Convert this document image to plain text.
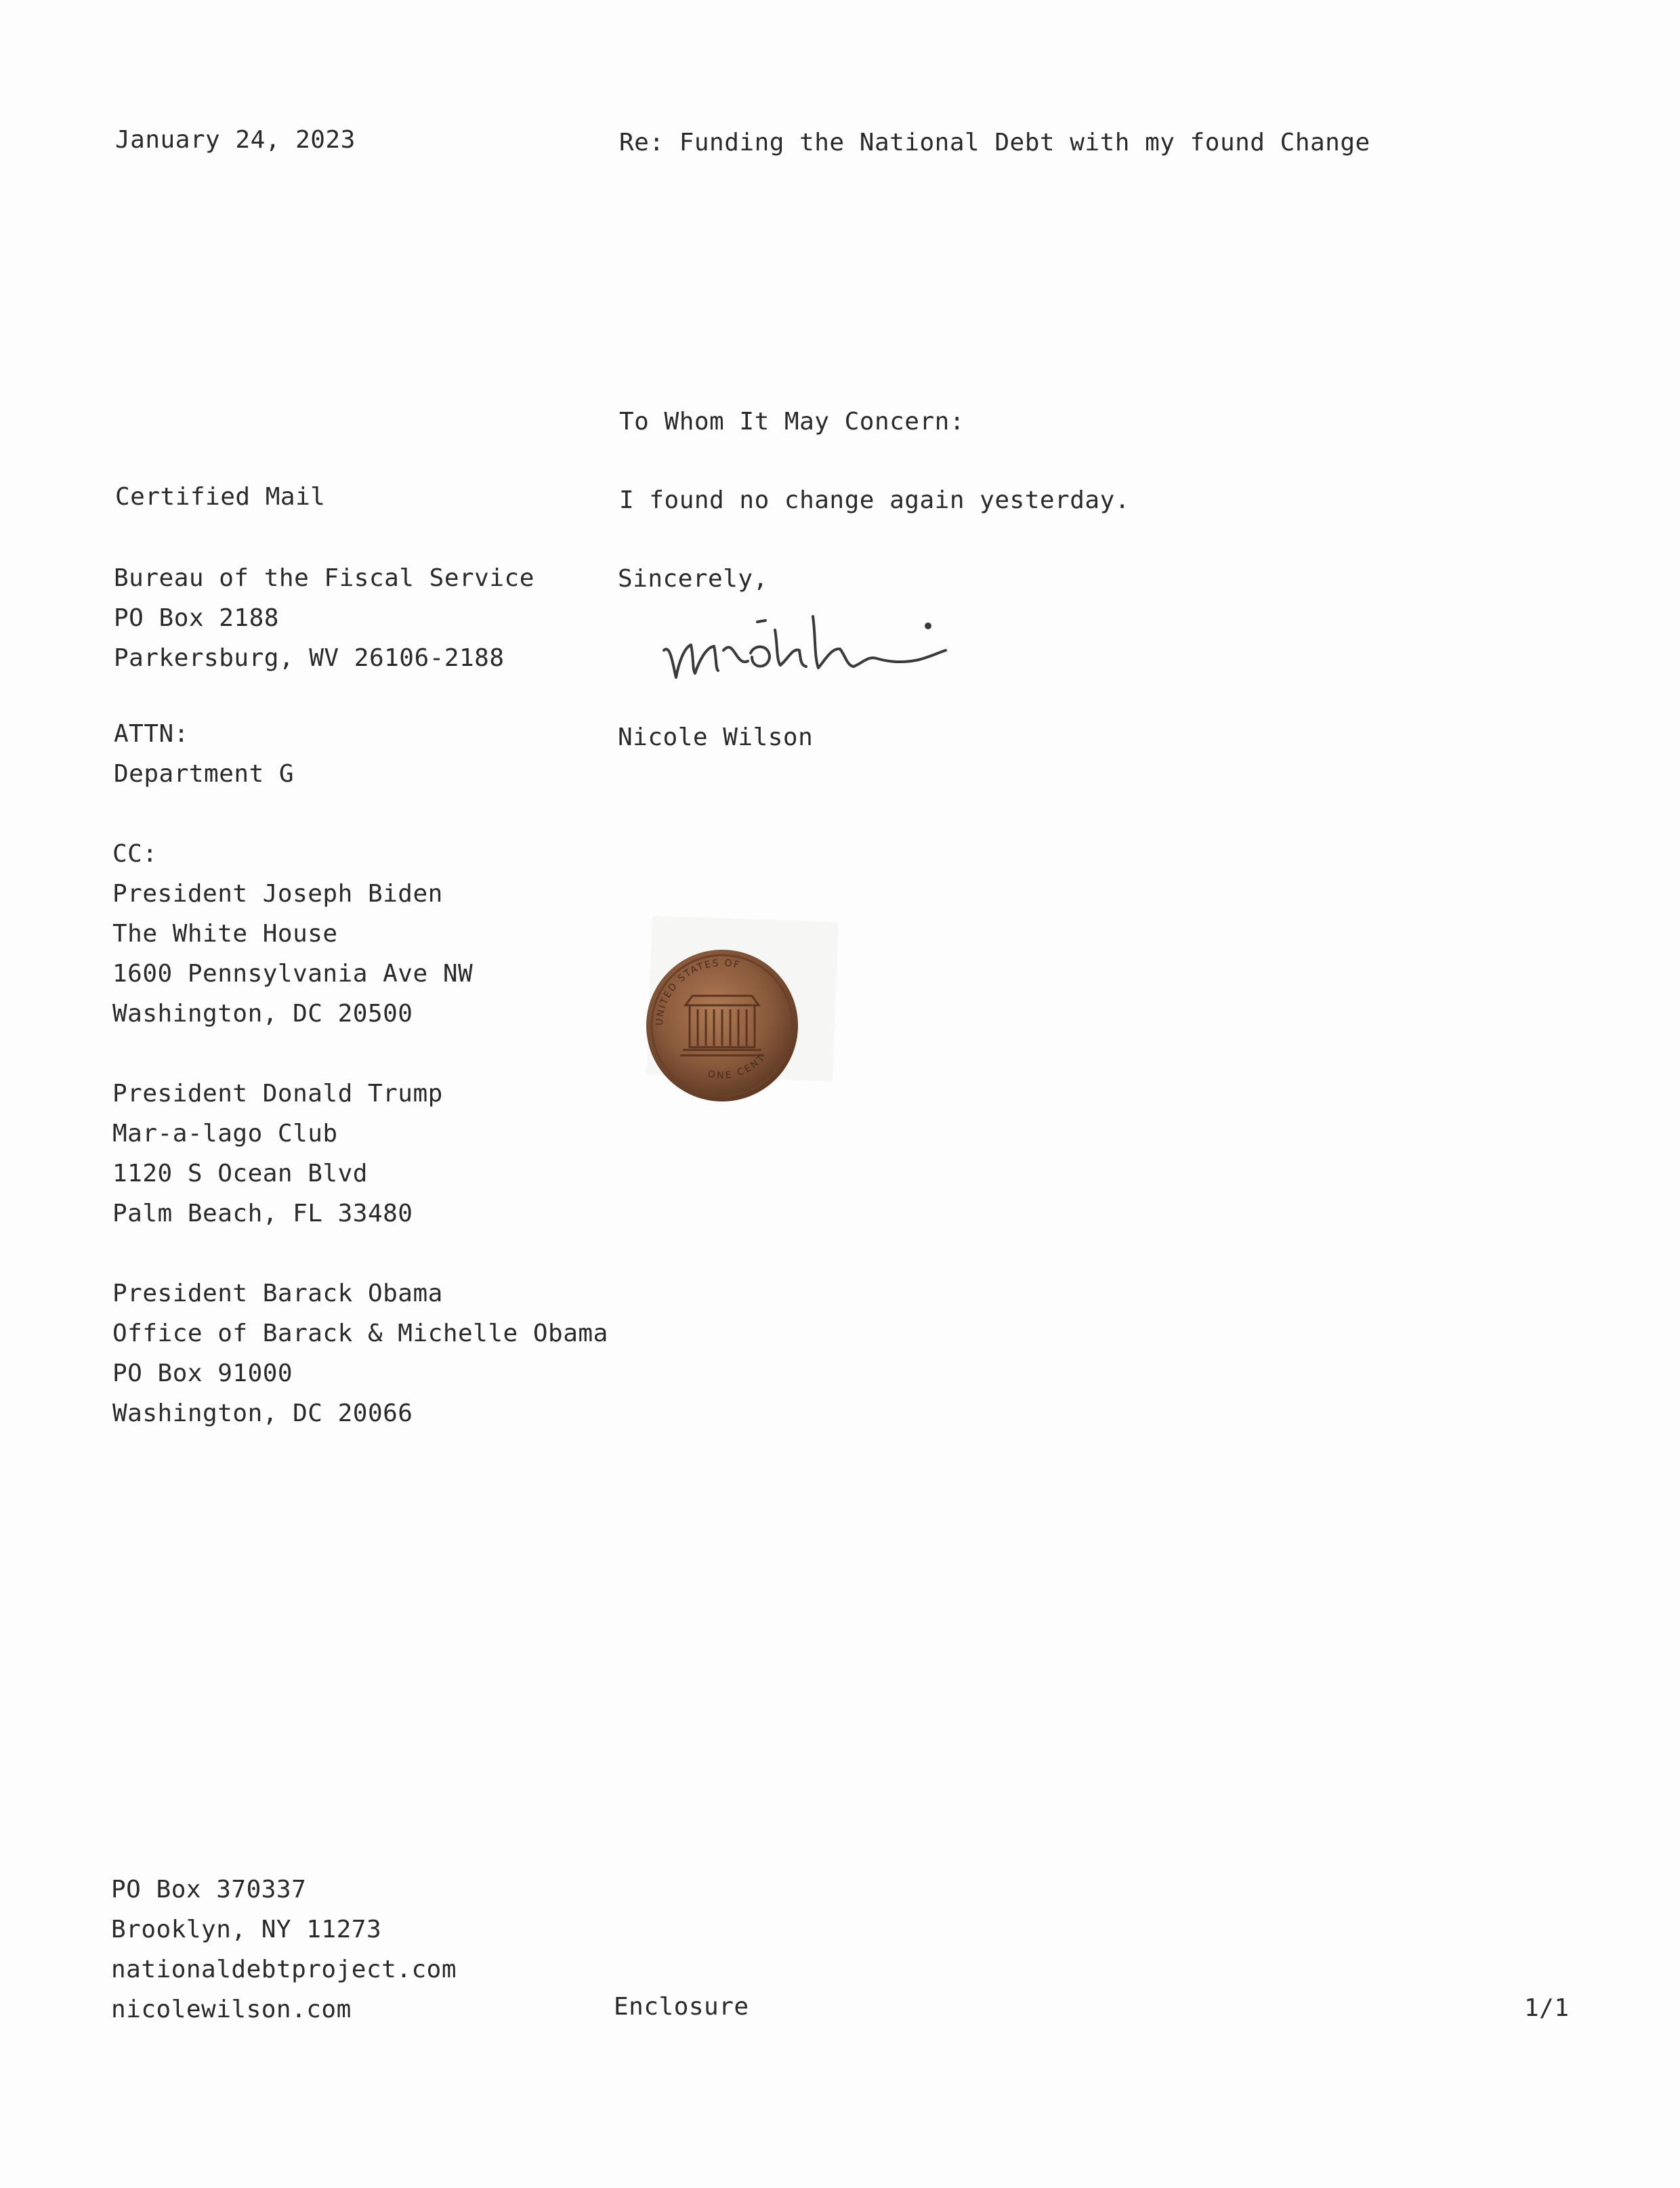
January 24, 2023
Certified Mail
Bureau of the Fiscal Service
PO Box 2188
Parkersburg, WV 26106-2188
ATTN:
Department G
CC:
President Joseph Biden
The White House
1600 Pennsylvania Ave NW
Washington, DC 20500
President Donald Trump
Mar-a-lago Club
1120 S Ocean Blvd
Palm Beach, FL 33480
President Barack Obama
Office of Barack & Michelle Obama
PO Box 91000
Washington, DC 20066
Re: Funding the National Debt with my found Change
To Whom It May Concern:
I found no change again yesterday.
Sincerely,
Nicole Wilson
UNITED STATES OF
ONE CENT
PO Box 370337
Brooklyn, NY 11273
nationaldebtproject.com
nicolewilson.com	Enclosure	1/1
